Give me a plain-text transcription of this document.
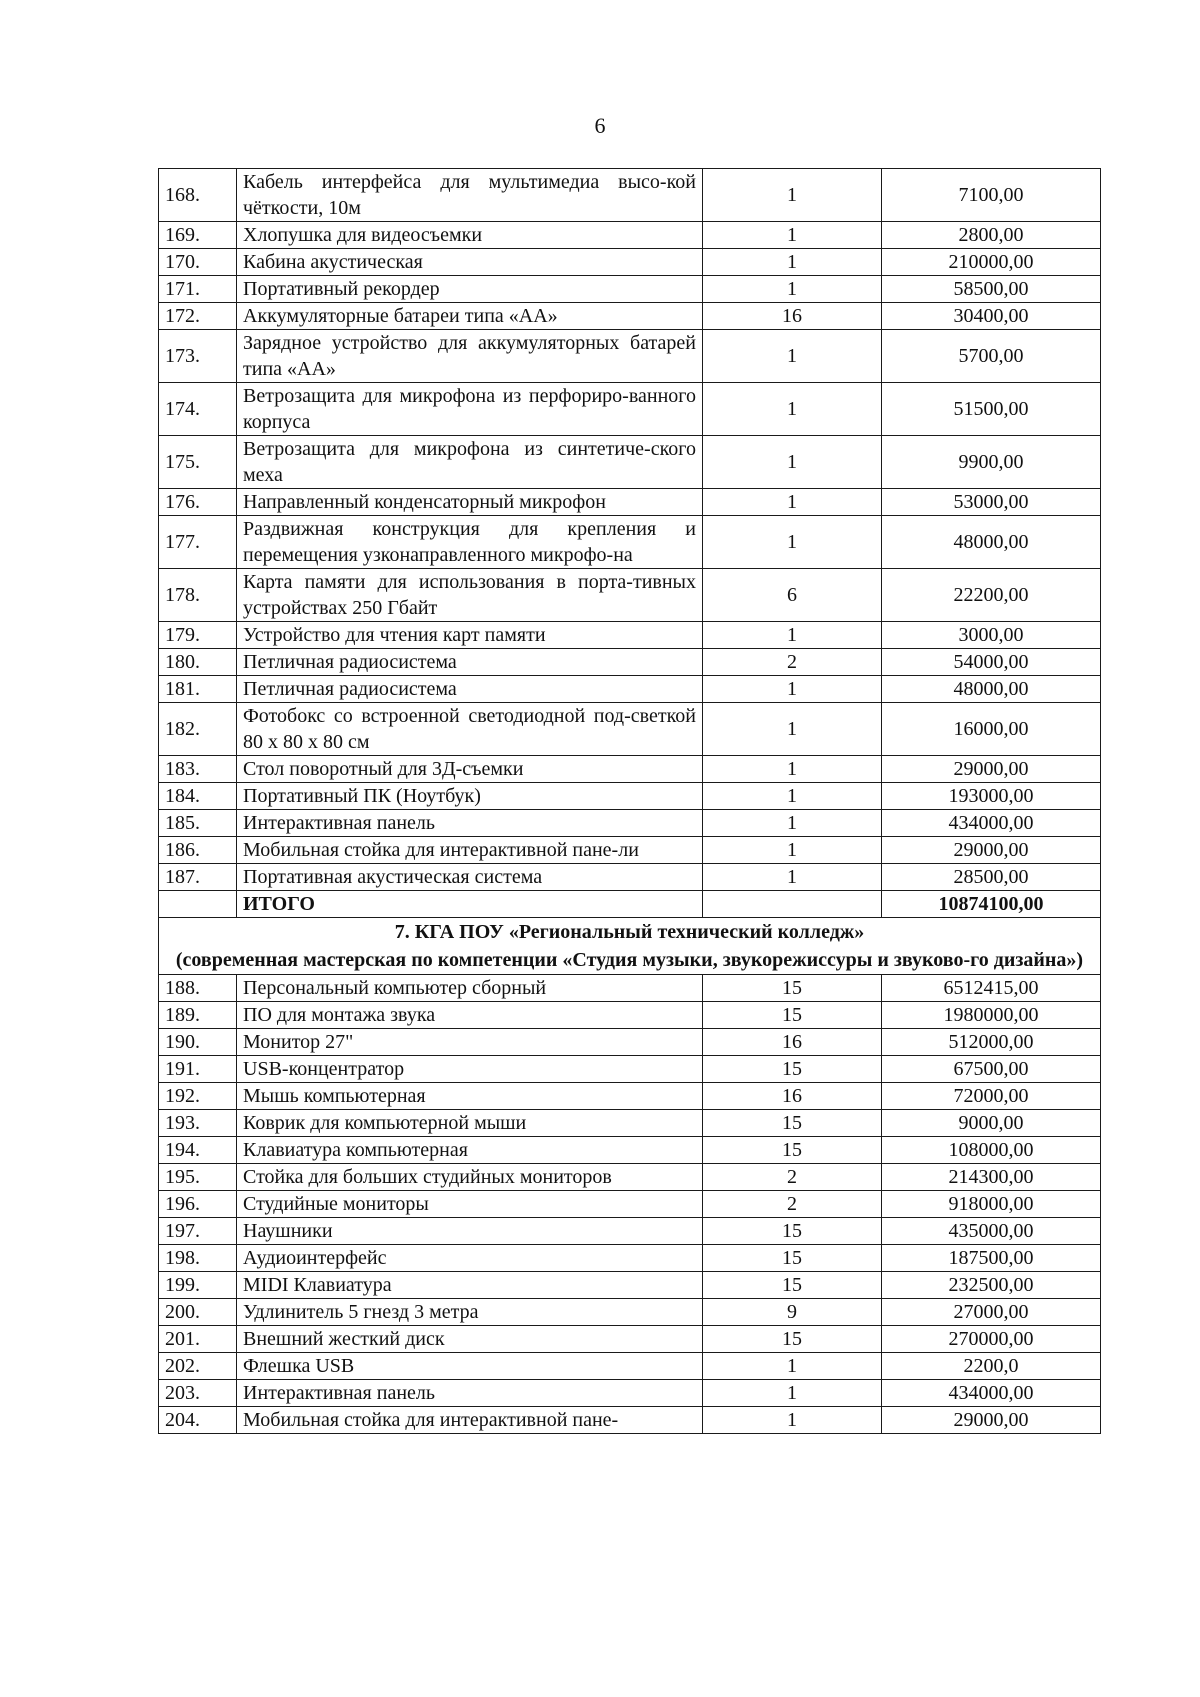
6
168.	Кабель интерфейса для мультимедиа высо-кой чёткости, 10м	1	7100,00
169.	Хлопушка для видеосъемки	1	2800,00
170.	Кабина акустическая	1	210000,00
171.	Портативный рекордер	1	58500,00
172.	Аккумуляторные батареи типа «АА»	16	30400,00
173.	Зарядное устройство для аккумуляторных батарей типа «АА»	1	5700,00
174.	Ветрозащита для микрофона из перфориро-ванного корпуса	1	51500,00
175.	Ветрозащита для микрофона из синтетиче-ского меха	1	9900,00
176.	Направленный конденсаторный микрофон	1	53000,00
177.	Раздвижная конструкция для крепления и перемещения узконаправленного микрофо-на	1	48000,00
178.	Карта памяти для использования в порта-тивных устройствах 250 Гбайт	6	22200,00
179.	Устройство для чтения карт памяти	1	3000,00
180.	Петличная радиосистема	2	54000,00
181.	Петличная радиосистема	1	48000,00
182.	Фотобокс со встроенной светодиодной под-светкой 80 х 80 х 80 см	1	16000,00
183.	Стол поворотный для 3Д-съемки	1	29000,00
184.	Портативный ПК (Ноутбук)	1	193000,00
185.	Интерактивная панель	1	434000,00
186.	Мобильная стойка для интерактивной пане-ли	1	29000,00
187.	Портативная акустическая система	1	28500,00
	ИТОГО		10874100,00

7. КГА ПОУ «Региональный технический колледж»
(современная мастерская по компетенции «Студия музыки, звукорежиссуры и звуково-го дизайна»)			

188.	Персональный компьютер сборный	15	6512415,00
189.	ПО для монтажа звука	15	1980000,00
190.	Монитор 27"	16	512000,00
191.	USB-концентратор	15	67500,00
192.	Мышь компьютерная	16	72000,00
193.	Коврик для компьютерной мыши	15	9000,00
194.	Клавиатура компьютерная	15	108000,00
195.	Стойка для больших студийных мониторов	2	214300,00
196.	Студийные мониторы	2	918000,00
197.	Наушники	15	435000,00
198.	Аудиоинтерфейс	15	187500,00
199.	MIDI Клавиатура	15	232500,00
200.	Удлинитель 5 гнезд 3 метра	9	27000,00
201.	Внешний жесткий диск	15	270000,00
202.	Флешка USB	1	2200,0
203.	Интерактивная панель	1	434000,00
204.	Мобильная стойка для интерактивной пане-	1	29000,00
